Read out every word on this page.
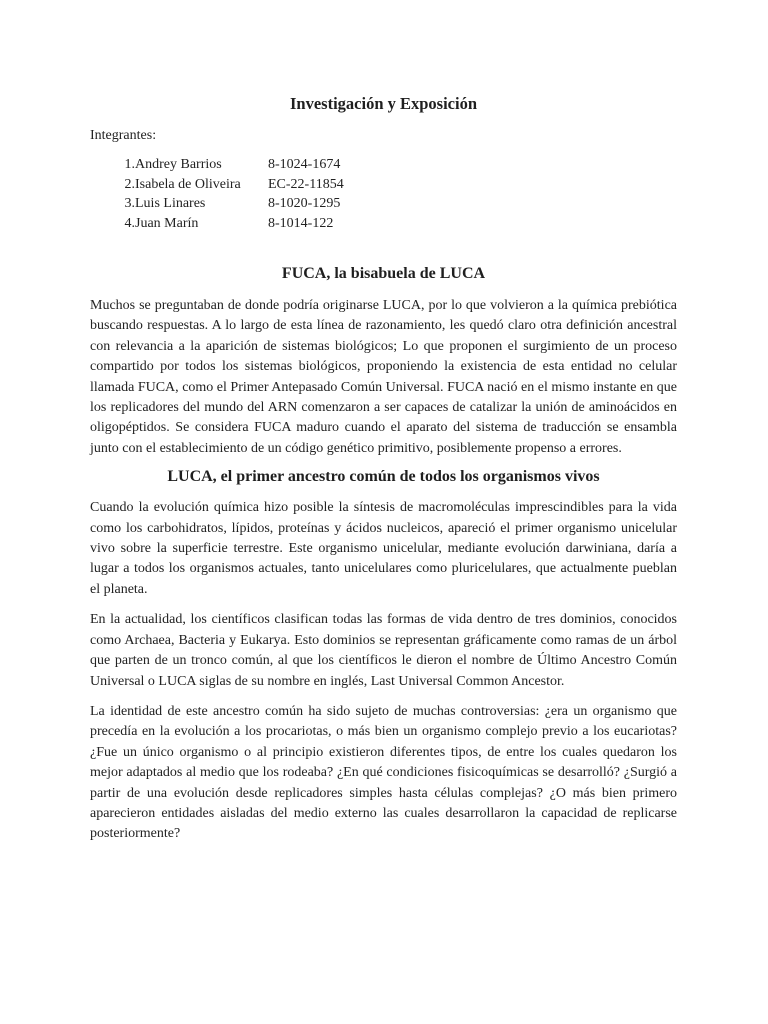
Investigación y Exposición
Integrantes:
1. Andrey Barrios	8-1024-1674
2. Isabela de Oliveira	EC-22-11854
3. Luis Linares	8-1020-1295
4. Juan Marín	8-1014-122
FUCA, la bisabuela de LUCA

Muchos se preguntaban de donde podría originarse LUCA, por lo que volvieron a la química prebiótica buscando respuestas. A lo largo de esta línea de razonamiento, les quedó claro otra definición ancestral con relevancia a la aparición de sistemas biológicos; Lo que proponen el surgimiento de un proceso compartido por todos los sistemas biológicos, proponiendo la existencia de esta entidad no celular llamada FUCA, como el Primer Antepasado Común Universal. FUCA nació en el mismo instante en que los replicadores del mundo del ARN comenzaron a ser capaces de catalizar la unión de aminoácidos en oligopéptidos. Se considera FUCA maduro cuando el aparato del sistema de traducción se ensambla junto con el establecimiento de un código genético primitivo, posiblemente propenso a errores.

LUCA, el primer ancestro común de todos los organismos vivos

Cuando la evolución química hizo posible la síntesis de macromoléculas imprescindibles para la vida como los carbohidratos, lípidos, proteínas y ácidos nucleicos, apareció el primer organismo unicelular vivo sobre la superficie terrestre. Este organismo unicelular, mediante evolución darwiniana, daría a lugar a todos los organismos actuales, tanto unicelulares como pluricelulares, que actualmente pueblan el planeta.

En la actualidad, los científicos clasifican todas las formas de vida dentro de tres dominios, conocidos como Archaea, Bacteria y Eukarya. Esto dominios se representan gráficamente como ramas de un árbol que parten de un tronco común, al que los científicos le dieron el nombre de Último Ancestro Común Universal o LUCA siglas de su nombre en inglés, Last Universal Common Ancestor.

La identidad de este ancestro común ha sido sujeto de muchas controversias: ¿era un organismo que precedía en la evolución a los procariotas, o más bien un organismo complejo previo a los eucariotas? ¿Fue un único organismo o al principio existieron diferentes tipos, de entre los cuales quedaron los mejor adaptados al medio que los rodeaba? ¿En qué condiciones fisicoquímicas se desarrolló? ¿Surgió a partir de una evolución desde replicadores simples hasta células complejas? ¿O más bien primero aparecieron entidades aisladas del medio externo las cuales desarrollaron la capacidad de replicarse posteriormente?
